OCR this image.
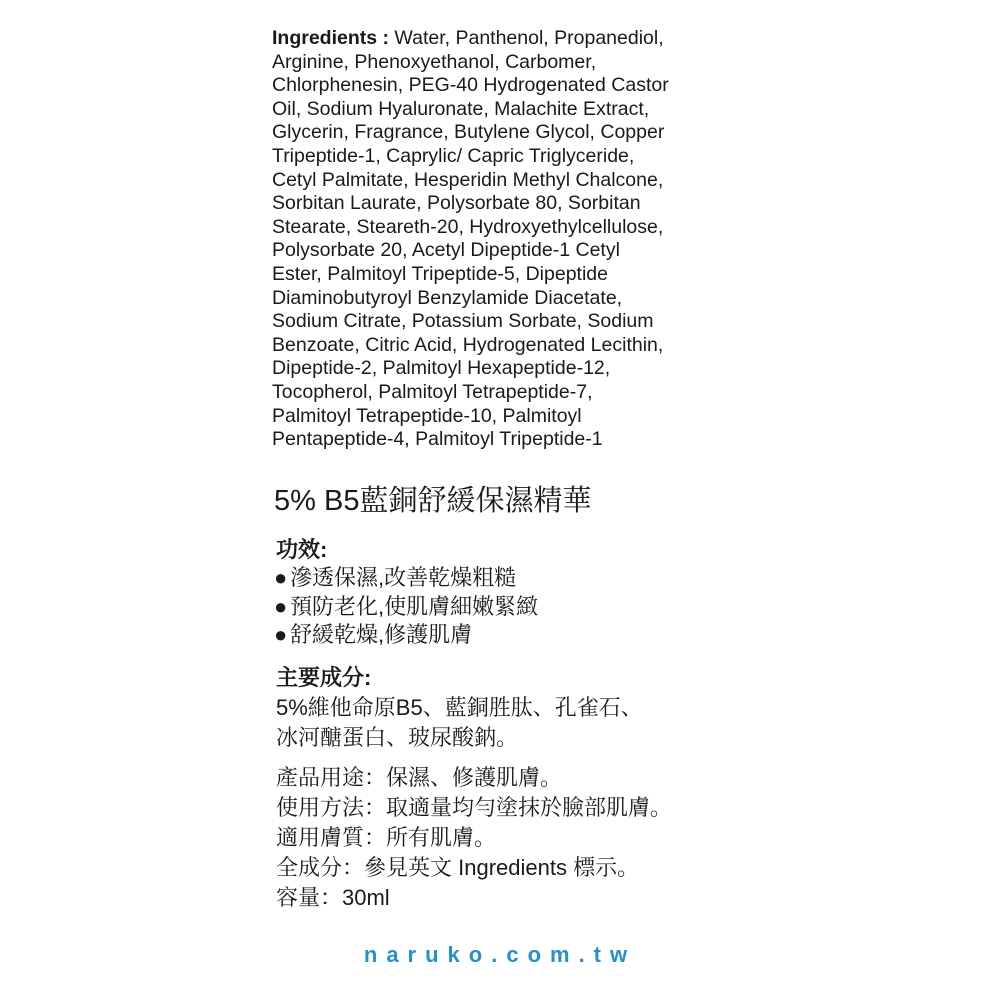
Ingredients : Water, Panthenol, Propanediol,
Arginine, Phenoxyethanol, Carbomer,
Chlorphenesin, PEG-40 Hydrogenated Castor
Oil, Sodium Hyaluronate, Malachite Extract,
Glycerin, Fragrance, Butylene Glycol, Copper
Tripeptide-1, Caprylic/ Capric Triglyceride,
Cetyl Palmitate, Hesperidin Methyl Chalcone,
Sorbitan Laurate, Polysorbate 80, Sorbitan
Stearate, Steareth-20, Hydroxyethylcellulose,
Polysorbate 20, Acetyl Dipeptide-1 Cetyl
Ester, Palmitoyl Tripeptide-5, Dipeptide
Diaminobutyroyl Benzylamide Diacetate,
Sodium Citrate, Potassium Sorbate, Sodium
Benzoate, Citric Acid, Hydrogenated Lecithin,
Dipeptide-2, Palmitoyl Hexapeptide-12,
Tocopherol, Palmitoyl Tetrapeptide-7,
Palmitoyl Tetrapeptide-10, Palmitoyl
Pentapeptide-4, Palmitoyl Tripeptide-1
5% B5藍銅舒緩保濕精華
功效:
● 滲透保濕,改善乾燥粗糙
● 預防老化,使肌膚細嫩緊緻
● 舒緩乾燥,修護肌膚
主要成分:
5%維他命原B5、藍銅胜肽、孔雀石、
冰河醣蛋白、玻尿酸鈉。
產品用途：保濕、修護肌膚。
使用方法：取適量均勻塗抹於臉部肌膚。
適用膚質：所有肌膚。
全成分：參見英文 Ingredients 標示。
容量：30ml
naruko.com.tw
